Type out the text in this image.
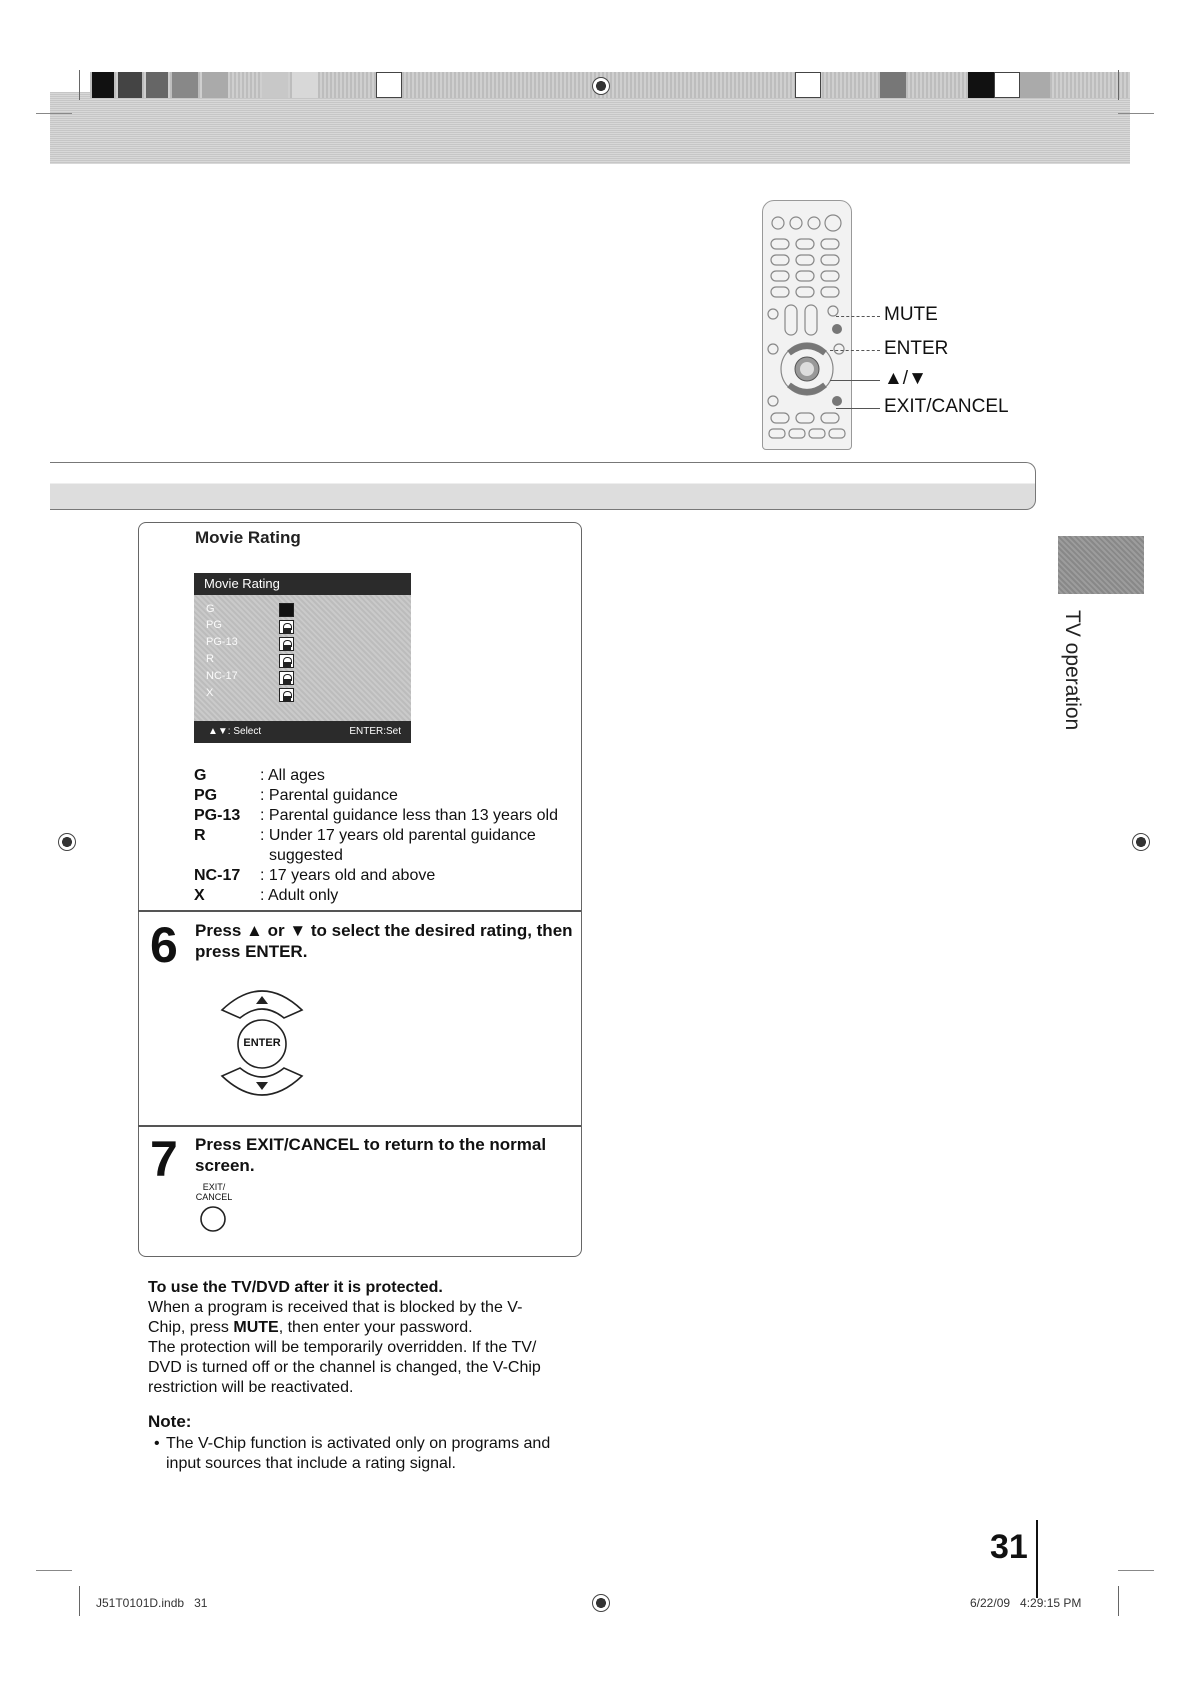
MUTE
ENTER
▲/▼
EXIT/CANCEL
TV operation
Movie Rating
Movie Rating
G
PG
PG-13
R
NC-17
X
▲▼: Select	ENTER:Set
G	: All ages
PG	: Parental guidance
PG-13 : Parental guidance less than 13 years old
R	: Under 17 years old parental guidance
suggested
NC-17 : 17 years old and above
X	: Adult only
6 Press ▲ or ▼ to select the desired rating, then
press ENTER.
ENTER
7 Press EXIT/CANCEL to return to the normal
screen.
EXIT/
CANCEL
To use the TV/DVD after it is protected.
When a program is received that is blocked by the V-
Chip, press MUTE, then enter your password.
The protection will be temporarily overridden. If the TV/
DVD is turned off or the channel is changed, the V-Chip
restriction will be reactivated.
Note:
• The V-Chip function is activated only on programs and
input sources that include a rating signal.
31
J51T0101D.indb   31	6/22/09   4:29:15 PM
